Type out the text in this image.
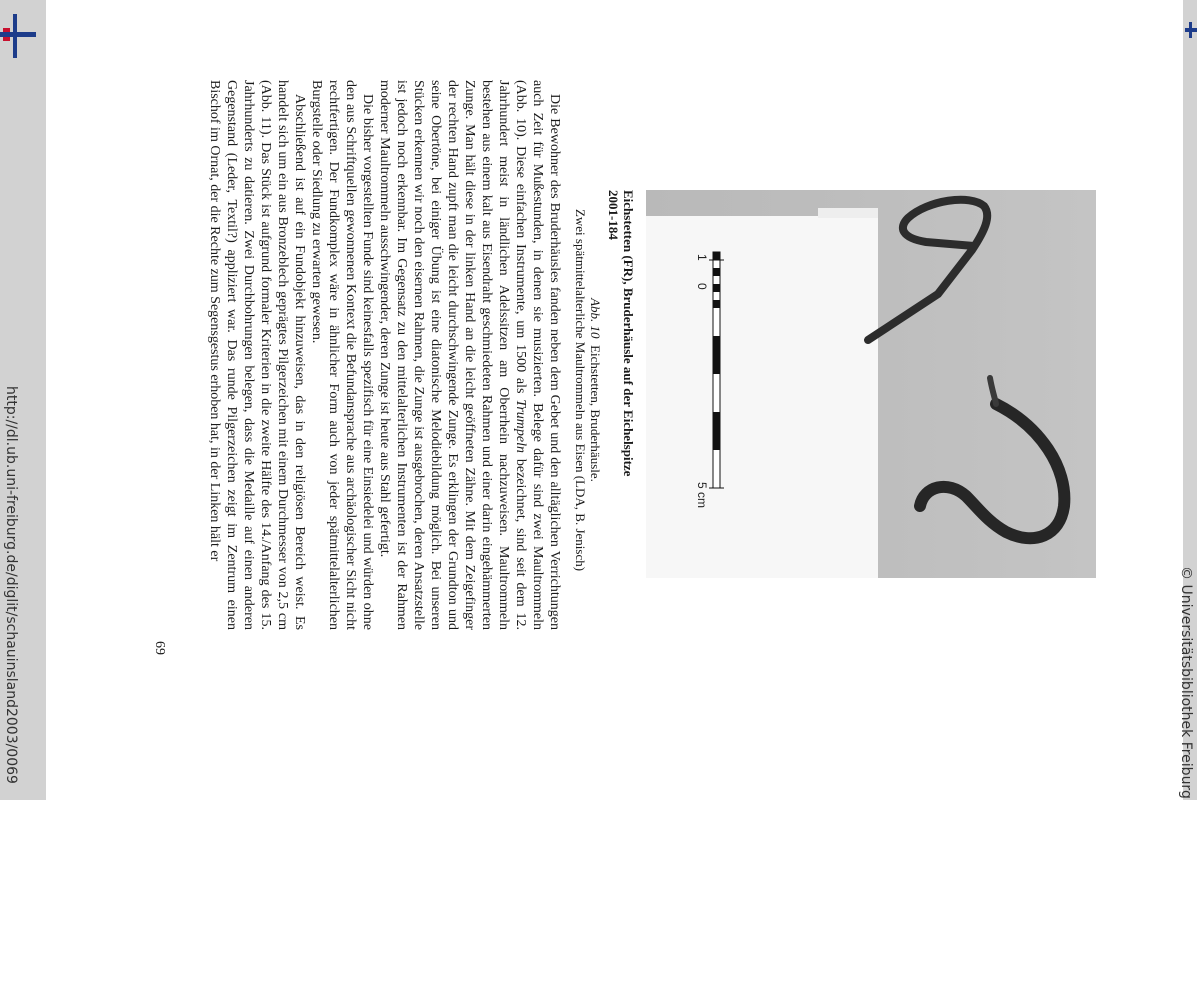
http://dl.ub.uni-freiburg.de/diglit/schauinsland2003/0069	© Universitätsbibliothek Freiburg
1
0
5 cm
Eichstetten (FR), Bruderhäusle auf der Eichelspitze
2001-184
Abb. 10  Eichstetten, Bruderhäusle.
Zwei spätmittelalterliche Maultrommeln aus Eisen (LDA, B. Jenisch)

Die Bewohner des Bruderhäusles fanden neben dem Gebet und den alltäglichen Verrichtungen auch Zeit für Mußestunden, in denen sie musizierten. Belege dafür sind zwei Maultrommeln (Abb. 10). Diese einfachen Instrumente, um 1500 als Trumpeln bezeichnet, sind seit dem 12. Jahrhundert meist in ländlichen Adelssitzen am Oberrhein nachzuweisen. Maultrommeln bestehen aus einem kalt aus Eisendraht geschmiedeten Rahmen und einer darin eingehämmerten Zunge. Man hält diese in der linken Hand an die leicht geöffneten Zähne. Mit dem Zeigefinger der rechten Hand zupft man die leicht durchschwingende Zunge. Es erklingen der Grundton und seine Obertöne, bei einiger Übung ist eine diatonische Melodiebildung möglich. Bei unseren Stücken erkennen wir noch den eisernen Rahmen, die Zunge ist ausgebrochen, deren Ansatzstelle ist jedoch noch erkennbar. Im Gegensatz zu den mittelalterlichen Instrumenten ist der Rahmen moderner Maultrommeln ausschwingender, deren Zunge ist heute aus Stahl gefertigt.

Die bisher vorgestellten Funde sind keinesfalls spezifisch für eine Einsiedelei und würden ohne den aus Schriftquellen gewonnenen Kontext die Befundansprache aus archäologischer Sicht nicht rechtfertigen. Der Fundkomplex wäre in ähnlicher Form auch von jeder spätmittelalterlichen Burgstelle oder Siedlung zu erwarten gewesen.

Abschließend ist auf ein Fundobjekt hinzuweisen, das in den religiösen Bereich weist. Es handelt sich um ein aus Bronzeblech geprägtes Pilgerzeichen mit einem Durchmesser von 2,5 cm (Abb. 11). Das Stück ist aufgrund formaler Kriterien in die zweite Hälfte des 14./Anfang des 15. Jahrhunderts zu datieren. Zwei Durchbohrungen belegen, dass die Medaille auf einen anderen Gegenstand (Leder, Textil?) appliziert war. Das runde Pilgerzeichen zeigt im Zentrum einen Bischof im Ornat, der die Rechte zum Segensgestus erhoben hat, in der Linken hält er

69
